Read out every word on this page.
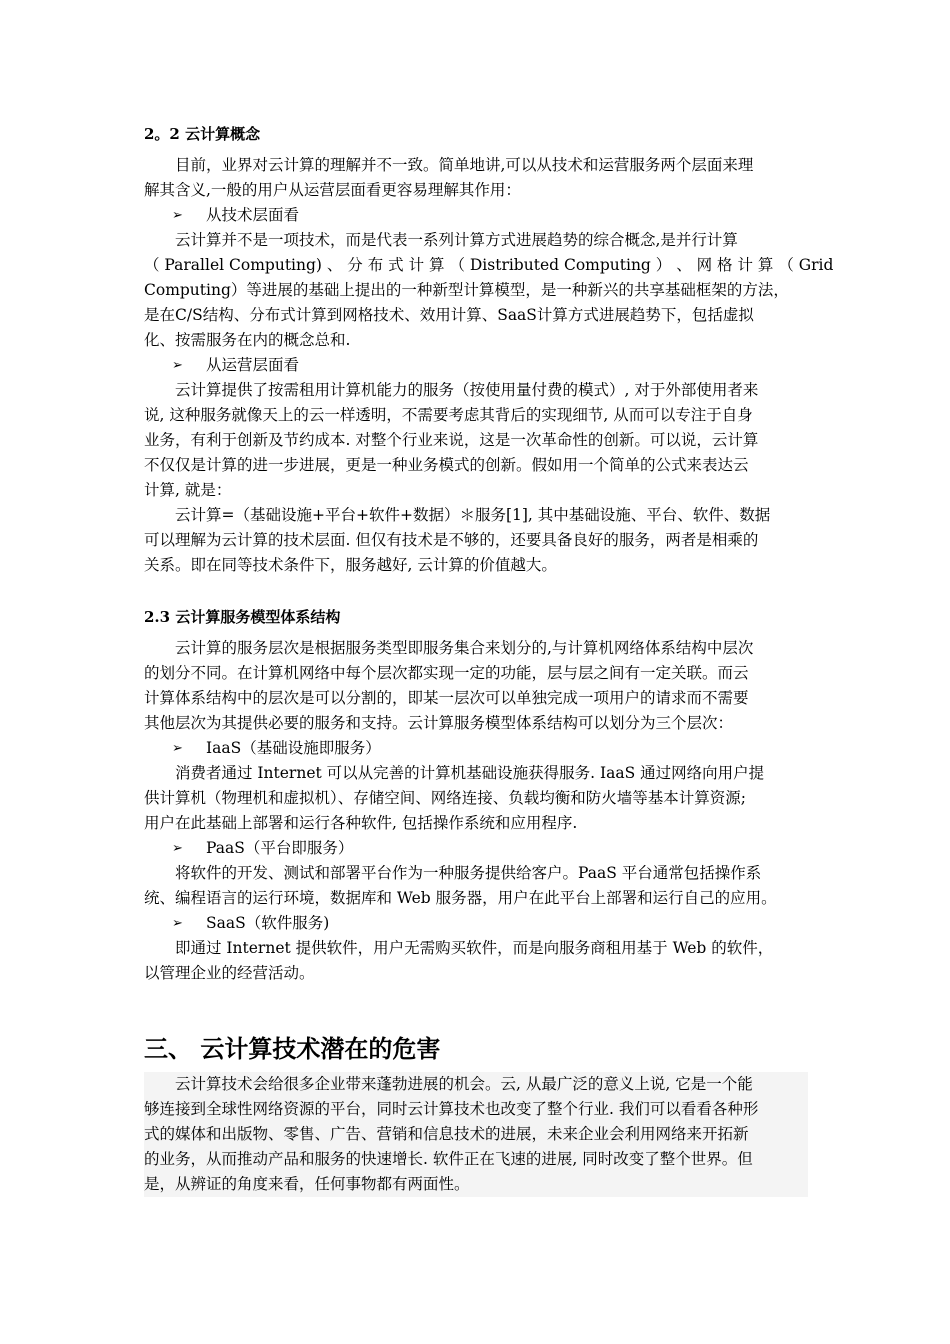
2。2 云计算概念
目前，业界对云计算的理解并不一致。简单地讲,可以从技术和运营服务两个层面来理
解其含义,一般的用户从运营层面看更容易理解其作用：
➢ 从技术层面看
云计算并不是一项技术，而是代表一系列计算方式进展趋势的综合概念,是并行计算
（ Parallel Computing) 、 分 布 式 计 算 （ Distributed Computing ） 、 网 格 计 算 （ Grid
Computing）等进展的基础上提出的一种新型计算模型，是一种新兴的共享基础框架的方法，
是在C/S结构、分布式计算到网格技术、效用计算、SaaS计算方式进展趋势下，包括虚拟
化、按需服务在内的概念总和.
➢ 从运营层面看
云计算提供了按需租用计算机能力的服务（按使用量付费的模式）, 对于外部使用者来
说, 这种服务就像天上的云一样透明，不需要考虑其背后的实现细节, 从而可以专注于自身
业务，有利于创新及节约成本. 对整个行业来说，这是一次革命性的创新。可以说，云计算
不仅仅是计算的进一步进展，更是一种业务模式的创新。假如用一个简单的公式来表达云
计算, 就是：
云计算=（基础设施+平台+软件+数据）＊服务[1], 其中基础设施、平台、软件、数据
可以理解为云计算的技术层面. 但仅有技术是不够的，还要具备良好的服务，两者是相乘的
关系。即在同等技术条件下，服务越好, 云计算的价值越大。
2.3 云计算服务模型体系结构
云计算的服务层次是根据服务类型即服务集合来划分的,与计算机网络体系结构中层次
的划分不同。在计算机网络中每个层次都实现一定的功能，层与层之间有一定关联。而云
计算体系结构中的层次是可以分割的，即某一层次可以单独完成一项用户的请求而不需要
其他层次为其提供必要的服务和支持。云计算服务模型体系结构可以划分为三个层次：
➢ IaaS（基础设施即服务）
消费者通过 Internet 可以从完善的计算机基础设施获得服务. IaaS 通过网络向用户提
供计算机（物理机和虚拟机）、存储空间、网络连接、负载均衡和防火墙等基本计算资源;
用户在此基础上部署和运行各种软件, 包括操作系统和应用程序.
➢ PaaS（平台即服务）
将软件的开发、测试和部署平台作为一种服务提供给客户。PaaS 平台通常包括操作系
统、编程语言的运行环境，数据库和 Web 服务器，用户在此平台上部署和运行自己的应用。
➢ SaaS（软件服务)
即通过 Internet 提供软件，用户无需购买软件，而是向服务商租用基于 Web 的软件，
以管理企业的经营活动。
三、 云计算技术潜在的危害
云计算技术会给很多企业带来蓬勃进展的机会。云, 从最广泛的意义上说, 它是一个能
够连接到全球性网络资源的平台，同时云计算技术也改变了整个行业. 我们可以看看各种形
式的媒体和出版物、零售、广告、营销和信息技术的进展，未来企业会利用网络来开拓新
的业务，从而推动产品和服务的快速增长. 软件正在飞速的进展, 同时改变了整个世界。但
是，从辨证的角度来看，任何事物都有两面性。
